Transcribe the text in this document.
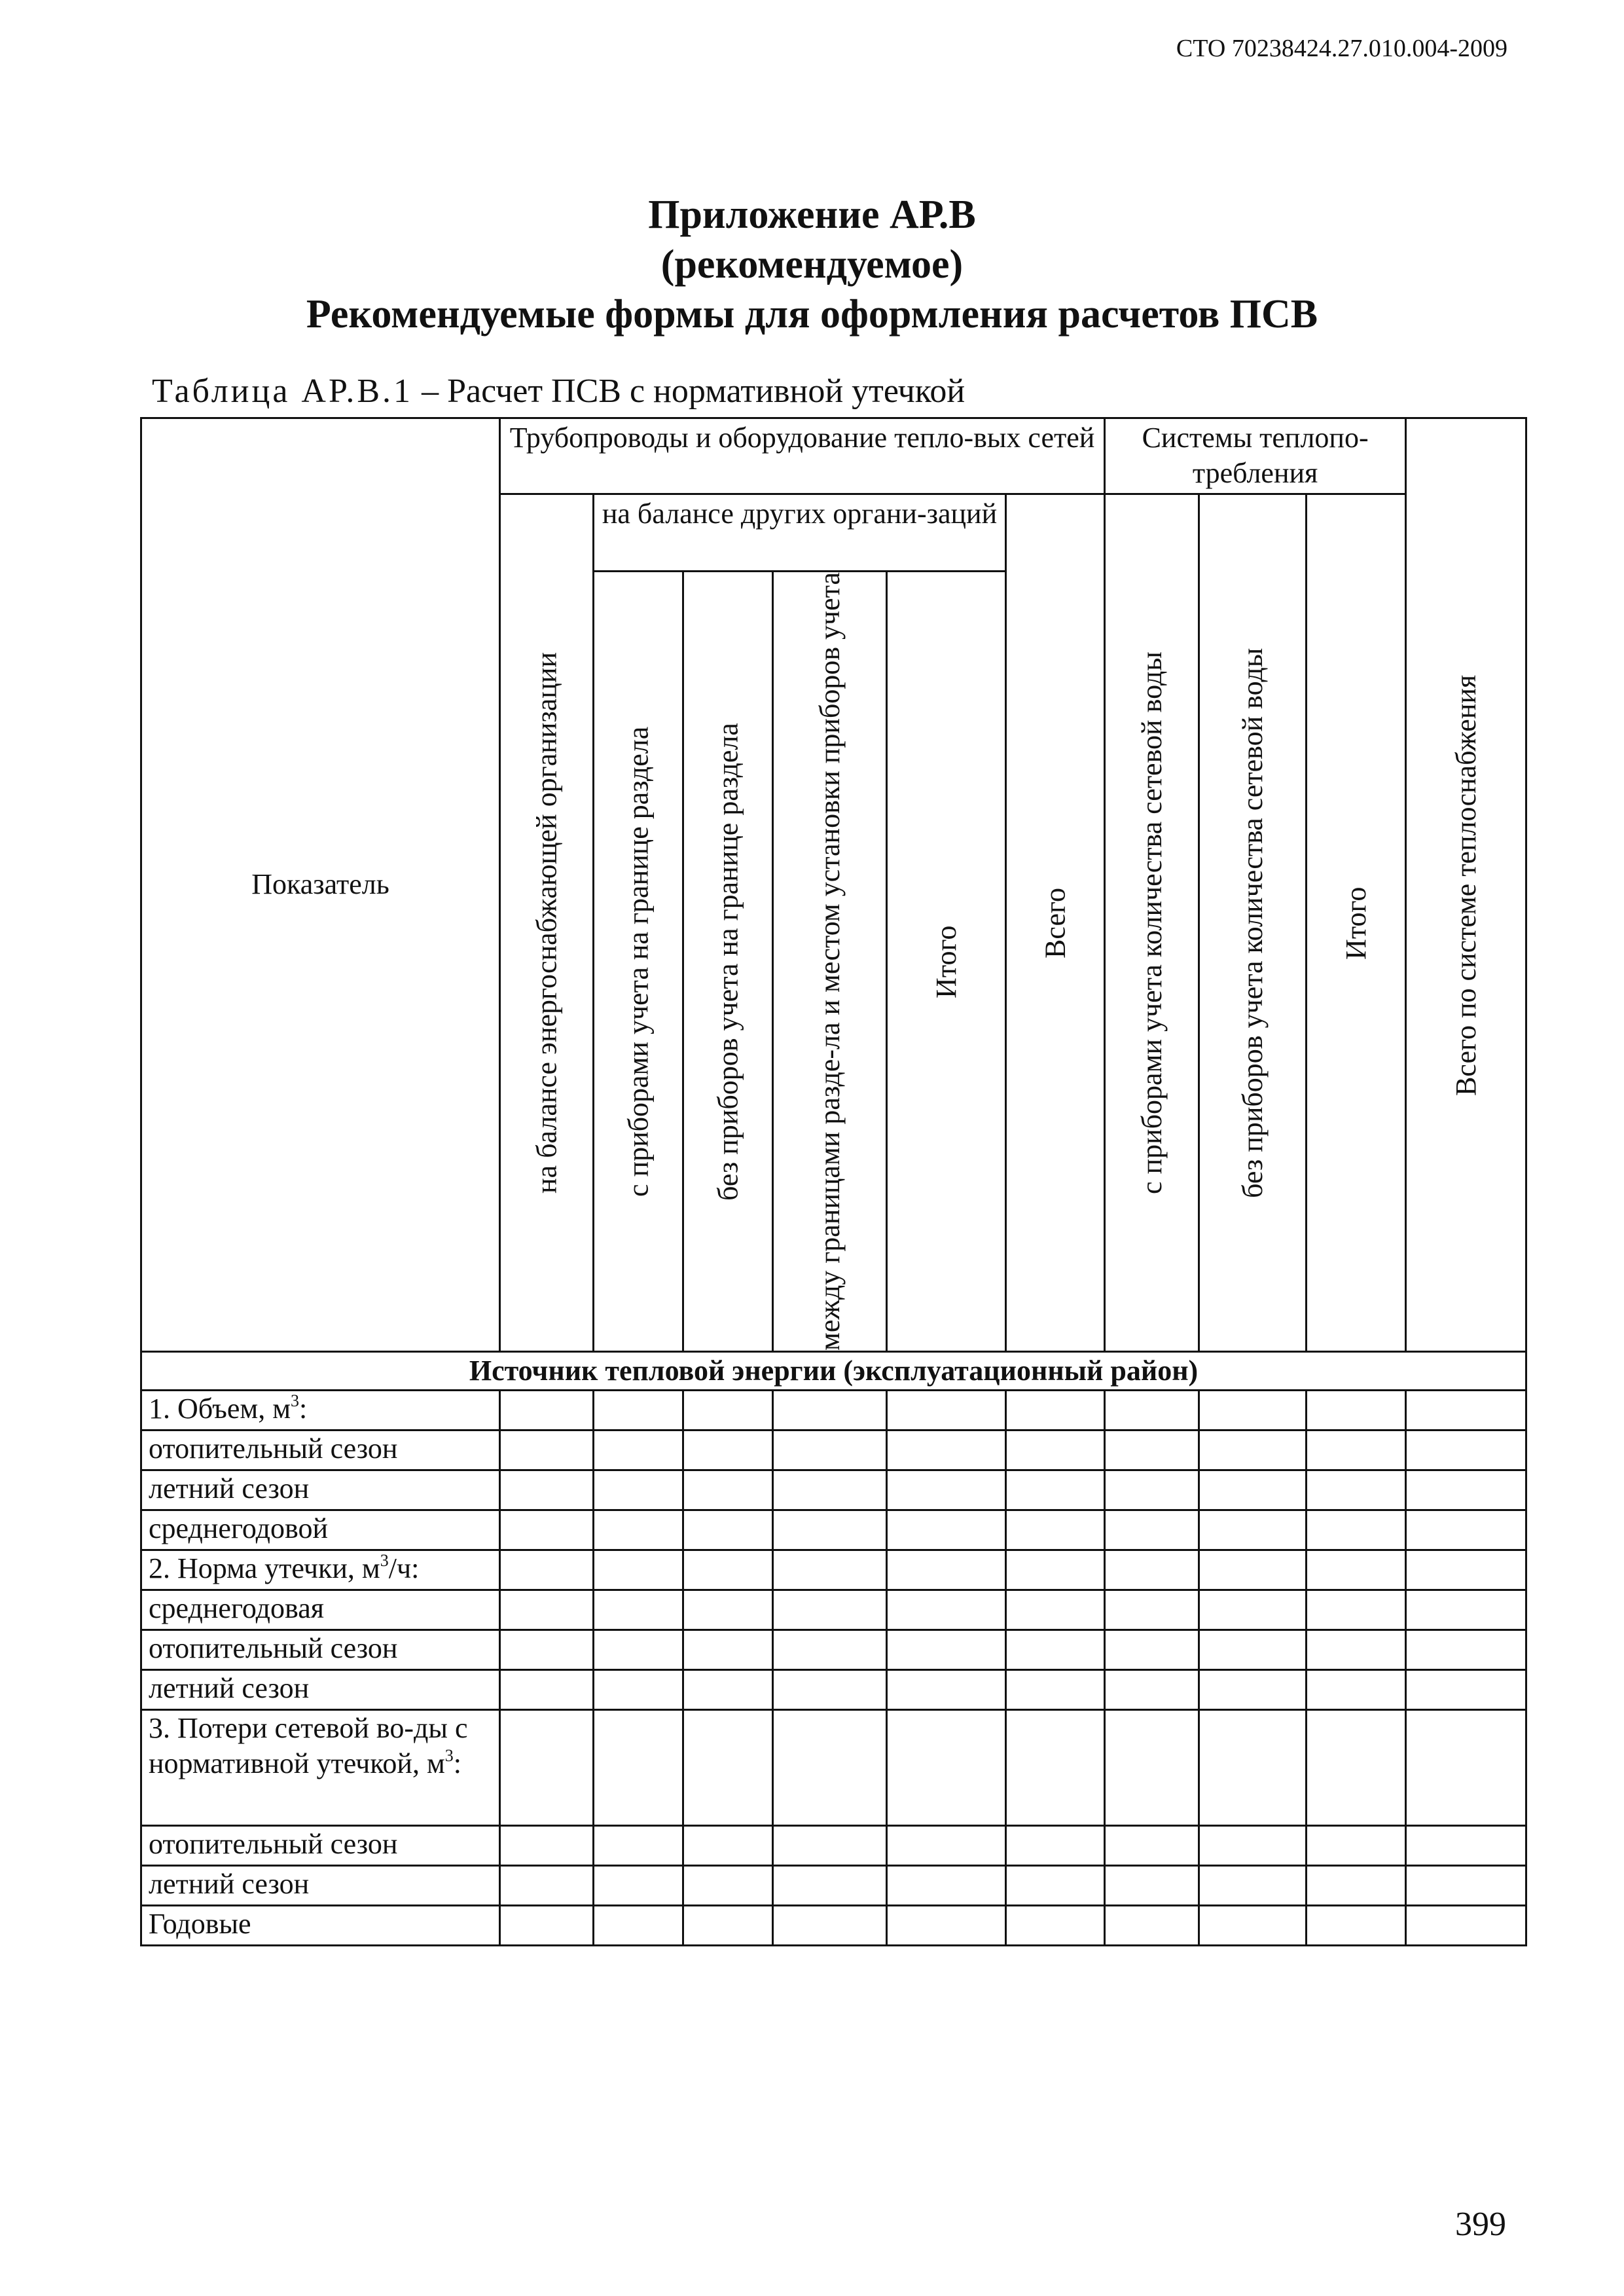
СТО 70238424.27.010.004-2009
Приложение АР.В
(рекомендуемое)
Рекомендуемые формы для оформления расчетов ПСВ
Таблица АР.В.1 – Расчет ПСВ с нормативной утечкой
Показатель	Трубопроводы и оборудование тепло-вых сетей						Системы теплопо-требления			Всего по системе теплоснабжения
	на балансе энергоснабжающей организации	на балансе других органи-заций				Всего	с приборами учета количества сетевой воды	без приборов учета количества сетевой воды	Итого	
		с приборами учета на границе раздела	без приборов учета на границе раздела	между границами разде-ла и местом установки приборов учета	Итого					
Источник тепловой энергии (эксплуатационный район)										
1. Объем, $м^3$:										
отопительный сезон										
летний сезон										
среднегодовой										
2. Норма утечки, $м^3/ч$:										
среднегодовая										
отопительный сезон										
летний сезон										
3. Потери сетевой во-ды с нормативной утечкой, $м^3$:										
отопительный сезон										
летний сезон										
Годовые										
399
